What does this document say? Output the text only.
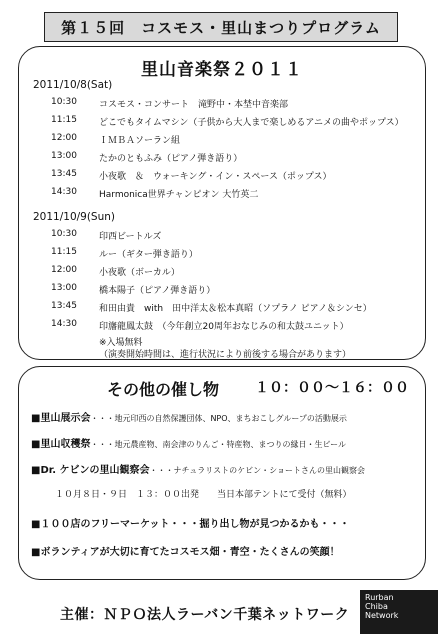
第１５回　コスモス・里山まつりプログラム
里山音楽祭２０１１
2011/10/8(Sat)
10:30 コスモス・コンサート　滝野中・本埜中音楽部
11:15 どこでもタイムマシン（子供から大人まで楽しめるアニメの曲やポップス）
12:00 ＩＭＢＡソーラン組
13:00 たかのともふみ（ピアノ弾き語り）
13:45 小夜歌　＆　ウォーキング・イン・スペース（ポップス）
14:30 Harmonica世界チャンピオン 大竹英二
2011/10/9(Sun)
10:30 印西ビートルズ
11:15 ルー（ギター弾き語り）
12:00 小夜歌（ボーカル）
13:00 橋本陽子（ピアノ弾き語り）
13:45 和田由貴　with　田中洋太＆松本真昭（ソプラノ ピアノ＆シンセ）
14:30 印旛龍鳳太鼓　（今年創立20周年おなじみの和太鼓ユニット）
※入場無料
（演奏開始時間は、進行状況により前後する場合があります）
その他の催し物	１０：００～１６：００
■里山展示会・・・地元印西の自然保護団体、NPO、まちおこしグループの活動展示
■里山収穫祭・・・地元農産物、南会津のりんご・特産物、まつりの縁日・生ビール
■Dr. ケビンの里山観察会・・・ナチュラリストのケビン・ショートさんの里山観察会
１０月８日・９日　１３：００出発　　当日本部テントにて受付（無料）
■１００店のフリーマーケット・・・掘り出し物が見つかるかも・・・
■ボランティアが大切に育てたコスモス畑・青空・たくさんの笑顔！
主催：ＮＰＯ法人ラーバン千葉ネットワーク
Rurban
Chiba
Network
